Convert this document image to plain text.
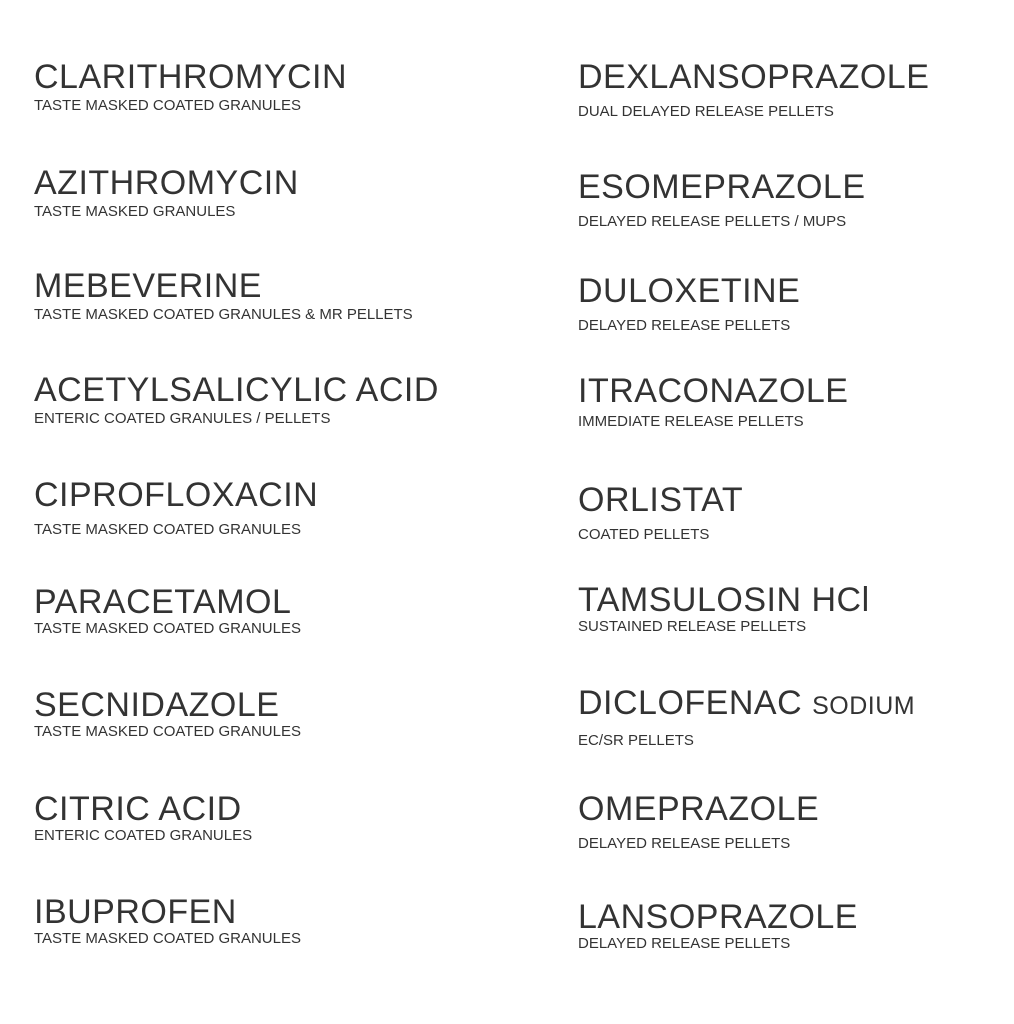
CLARITHROMYCIN
TASTE MASKED COATED GRANULES
AZITHROMYCIN
TASTE MASKED GRANULES
MEBEVERINE
TASTE MASKED COATED GRANULES & MR PELLETS
ACETYLSALICYLIC ACID
ENTERIC COATED GRANULES / PELLETS
CIPROFLOXACIN
TASTE MASKED COATED GRANULES
PARACETAMOL
TASTE MASKED COATED GRANULES
SECNIDAZOLE
TASTE MASKED COATED GRANULES
CITRIC ACID
ENTERIC COATED GRANULES
IBUPROFEN
TASTE MASKED COATED GRANULES
DEXLANSOPRAZOLE
DUAL DELAYED RELEASE PELLETS
ESOMEPRAZOLE
DELAYED RELEASE PELLETS / MUPS
DULOXETINE
DELAYED RELEASE PELLETS
ITRACONAZOLE
IMMEDIATE RELEASE PELLETS
ORLISTAT
COATED PELLETS
TAMSULOSIN HCl
SUSTAINED RELEASE PELLETS
DICLOFENAC SODIUM
EC/SR PELLETS
OMEPRAZOLE
DELAYED RELEASE PELLETS
LANSOPRAZOLE
DELAYED RELEASE PELLETS
